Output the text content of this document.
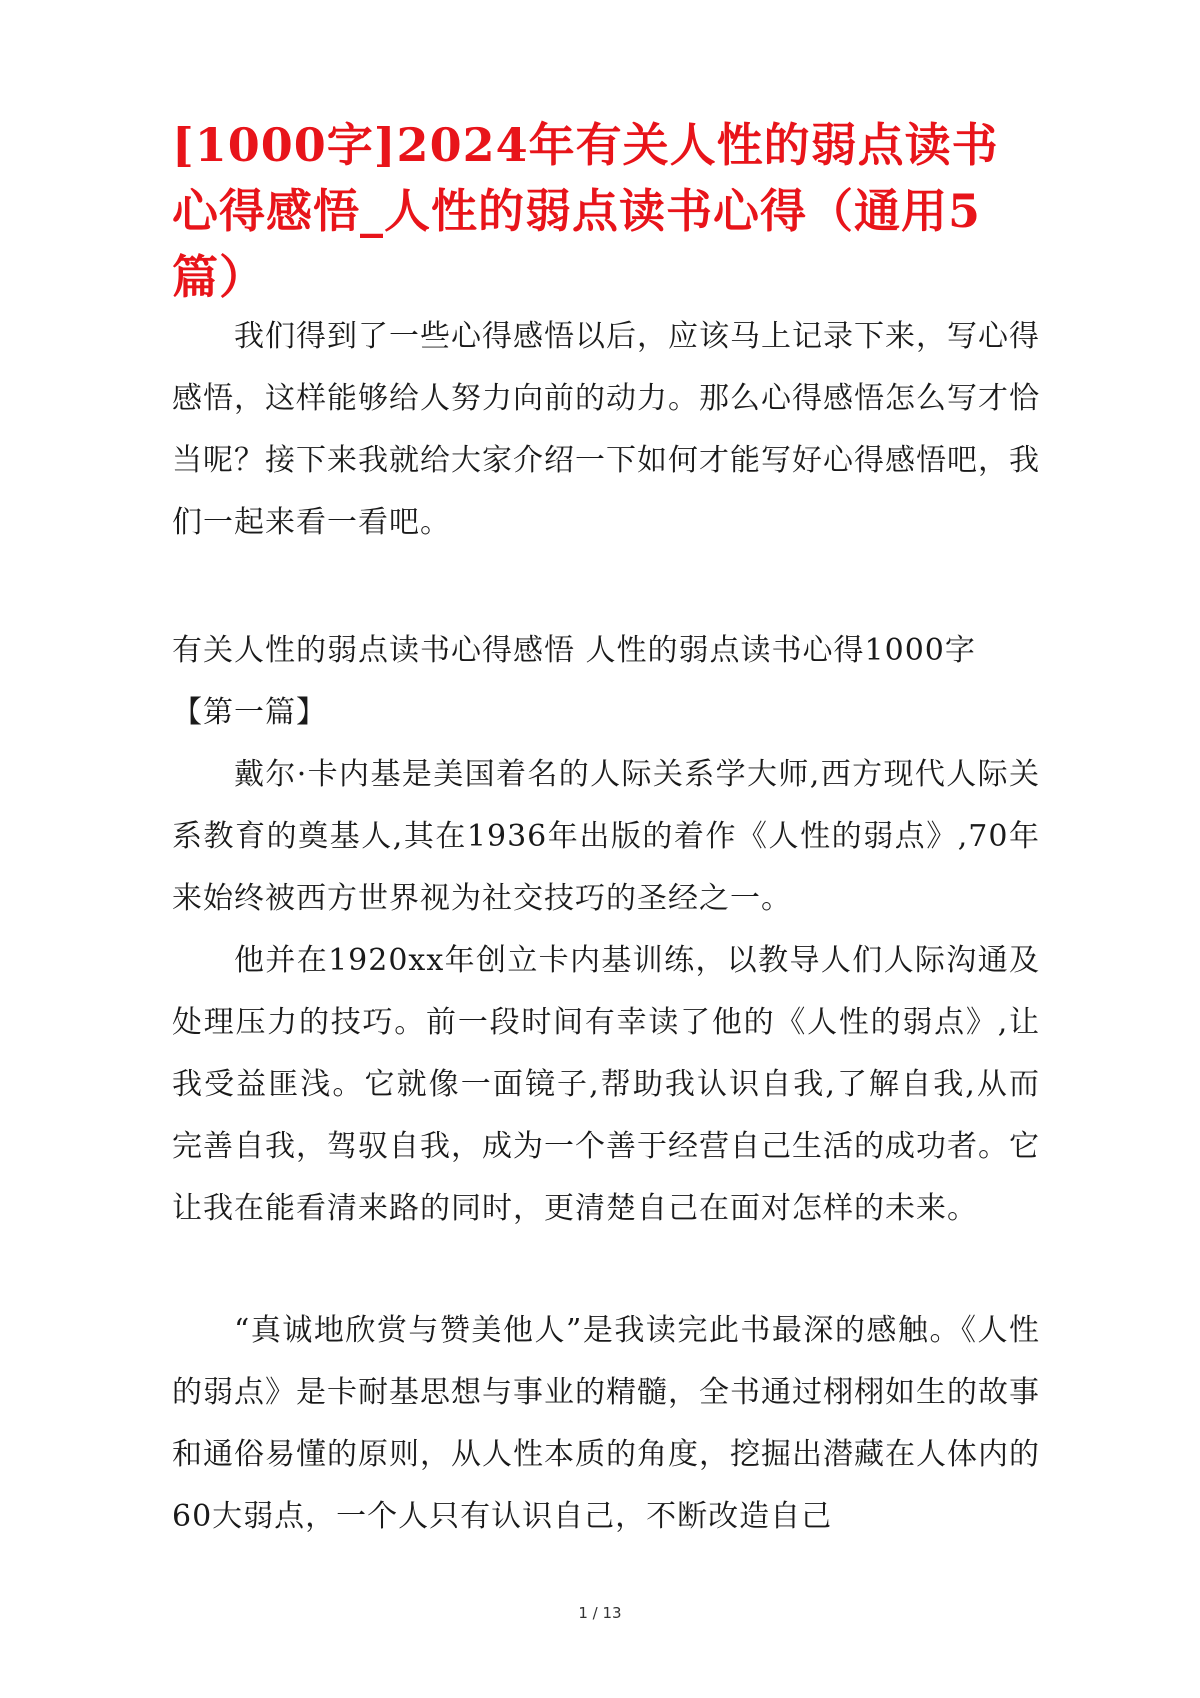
[1000字]2024年有关人性的弱点读书心得感悟_人性的弱点读书心得（通用5篇）

我们得到了一些心得感悟以后，应该马上记录下来，写心得感悟，这样能够给人努力向前的动力。那么心得感悟怎么写才恰当呢？接下来我就给大家介绍一下如何才能写好心得感悟吧，我们一起来看一看吧。

有关人性的弱点读书心得感悟 人性的弱点读书心得1000字

【第一篇】

戴尔·卡内基是美国着名的人际关系学大师,西方现代人际关系教育的奠基人,其在1936年出版的着作《人性的弱点》,70年来始终被西方世界视为社交技巧的圣经之一。

他并在1920xx年创立卡内基训练，以教导人们人际沟通及处理压力的技巧。前一段时间有幸读了他的《人性的弱点》,让我受益匪浅。它就像一面镜子,帮助我认识自我,了解自我,从而完善自我，驾驭自我，成为一个善于经营自己生活的成功者。它让我在能看清来路的同时，更清楚自己在面对怎样的未来。

“真诚地欣赏与赞美他人”是我读完此书最深的感触。《人性的弱点》是卡耐基思想与事业的精髓，全书通过栩栩如生的故事和通俗易懂的原则，从人性本质的角度，挖掘出潜藏在人体内的60大弱点，一个人只有认识自己，不断改造自己

1 / 13
